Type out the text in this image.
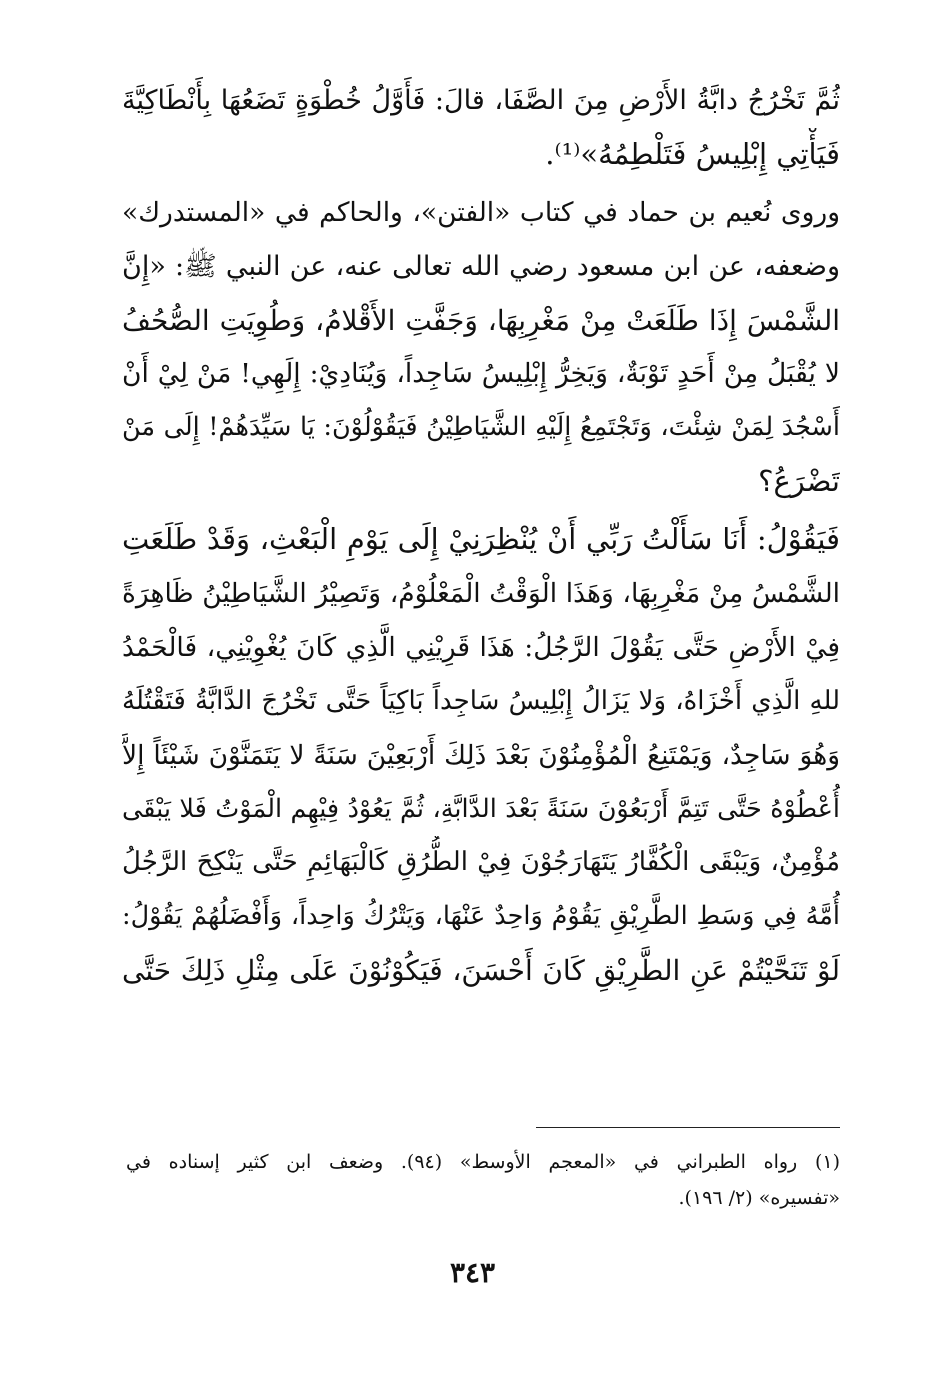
ثُمَّ تَخْرُجُ دابَّةُ الأَرْضِ مِنَ الصَّفَا، قالَ: فَأَوَّلُ خُطْوَةٍ تَضَعُهَا بِأَنْطَاكِيَّةَ
فَيَأْتِي إِبْلِيسُ فَتَلْطِمُهُ»⁽¹⁾.
وروى نُعيم بن حماد في كتاب «الفتن»، والحاكم في «المستدرك»
وضعفه، عن ابن مسعود رضي الله تعالى عنه، عن النبي ﷺ: «إِنَّ
الشَّمْسَ إِذَا طَلَعَتْ مِنْ مَغْرِبِهَا، وَجَفَّتِ الأَقْلامُ، وَطُوِيَتِ الصُّحُفُ
لا يُقْبَلُ مِنْ أَحَدٍ تَوْبَةٌ، وَيَخِرُّ إِبْلِيسُ سَاجِداً، وَيُنَادِيْ: إِلَهِي! مَنْ لِيْ أَنْ
أَسْجُدَ لِمَنْ شِئْتَ، وَتَجْتَمِعُ إِلَيْهِ الشَّيَاطِيْنُ فَيَقُوْلُوْنَ: يَا سَيِّدَهُمْ! إِلَى مَنْ
تَضْرَعُ؟
فَيَقُوْلُ: أَنَا سَأَلْتُ رَبِّي أَنْ يُنْظِرَنِيْ إِلَى يَوْمِ الْبَعْثِ، وَقَدْ طَلَعَتِ
الشَّمْسُ مِنْ مَغْرِبِهَا، وَهَذَا الْوَقْتُ الْمَعْلُوْمُ، وَتَصِيْرُ الشَّيَاطِيْنُ ظَاهِرَةً
فِيْ الأَرْضِ حَتَّى يَقُوْلَ الرَّجُلُ: هَذَا قَرِيْنِي الَّذِي كَانَ يُغْوِيْنِي، فَالْحَمْدُ
للهِ الَّذِي أَخْزَاهُ، وَلا يَزَالُ إِبْلِيسُ سَاجِداً بَاكِيَاً حَتَّى تَخْرُجَ الدَّابَّةُ فَتَقْتُلَهُ
وَهُوَ سَاجِدٌ، وَيَمْتَنِعُ الْمُؤْمِنُوْنَ بَعْدَ ذَلِكَ أَرْبَعِيْنَ سَنَةً لا يَتَمَنَّوْنَ شَيْئَاً إِلاَّ
أُعْطُوْهُ حَتَّى تَتِمَّ أَرْبَعُوْنَ سَنَةً بَعْدَ الدَّابَّةِ، ثُمَّ يَعُوْدُ فِيْهِم الْمَوْتُ فَلا يَبْقَى
مُؤْمِنٌ، وَيَبْقَى الْكُفَّارُ يَتَهَارَجُوْنَ فِيْ الطُّرُقِ كَالْبَهَائِمِ حَتَّى يَنْكِحَ الرَّجُلُ
أُمَّهُ فِي وَسَطِ الطَّرِيْقِ يَقُوْمُ وَاحِدٌ عَنْهَا، وَيَتْرُكُ وَاحِداً، وَأَفْضَلُهُمْ يَقُوْلُ:
لَوْ تَنَحَّيْتُمْ عَنِ الطَّرِيْقِ كَانَ أَحْسَنَ، فَيَكُوْنُوْنَ عَلَى مِثْلِ ذَلِكَ حَتَّى
(١) رواه الطبراني في «المعجم الأوسط» (٩٤). وضعف ابن كثير إسناده في
«تفسيره» (٢/ ١٩٦).
٣٤٣
